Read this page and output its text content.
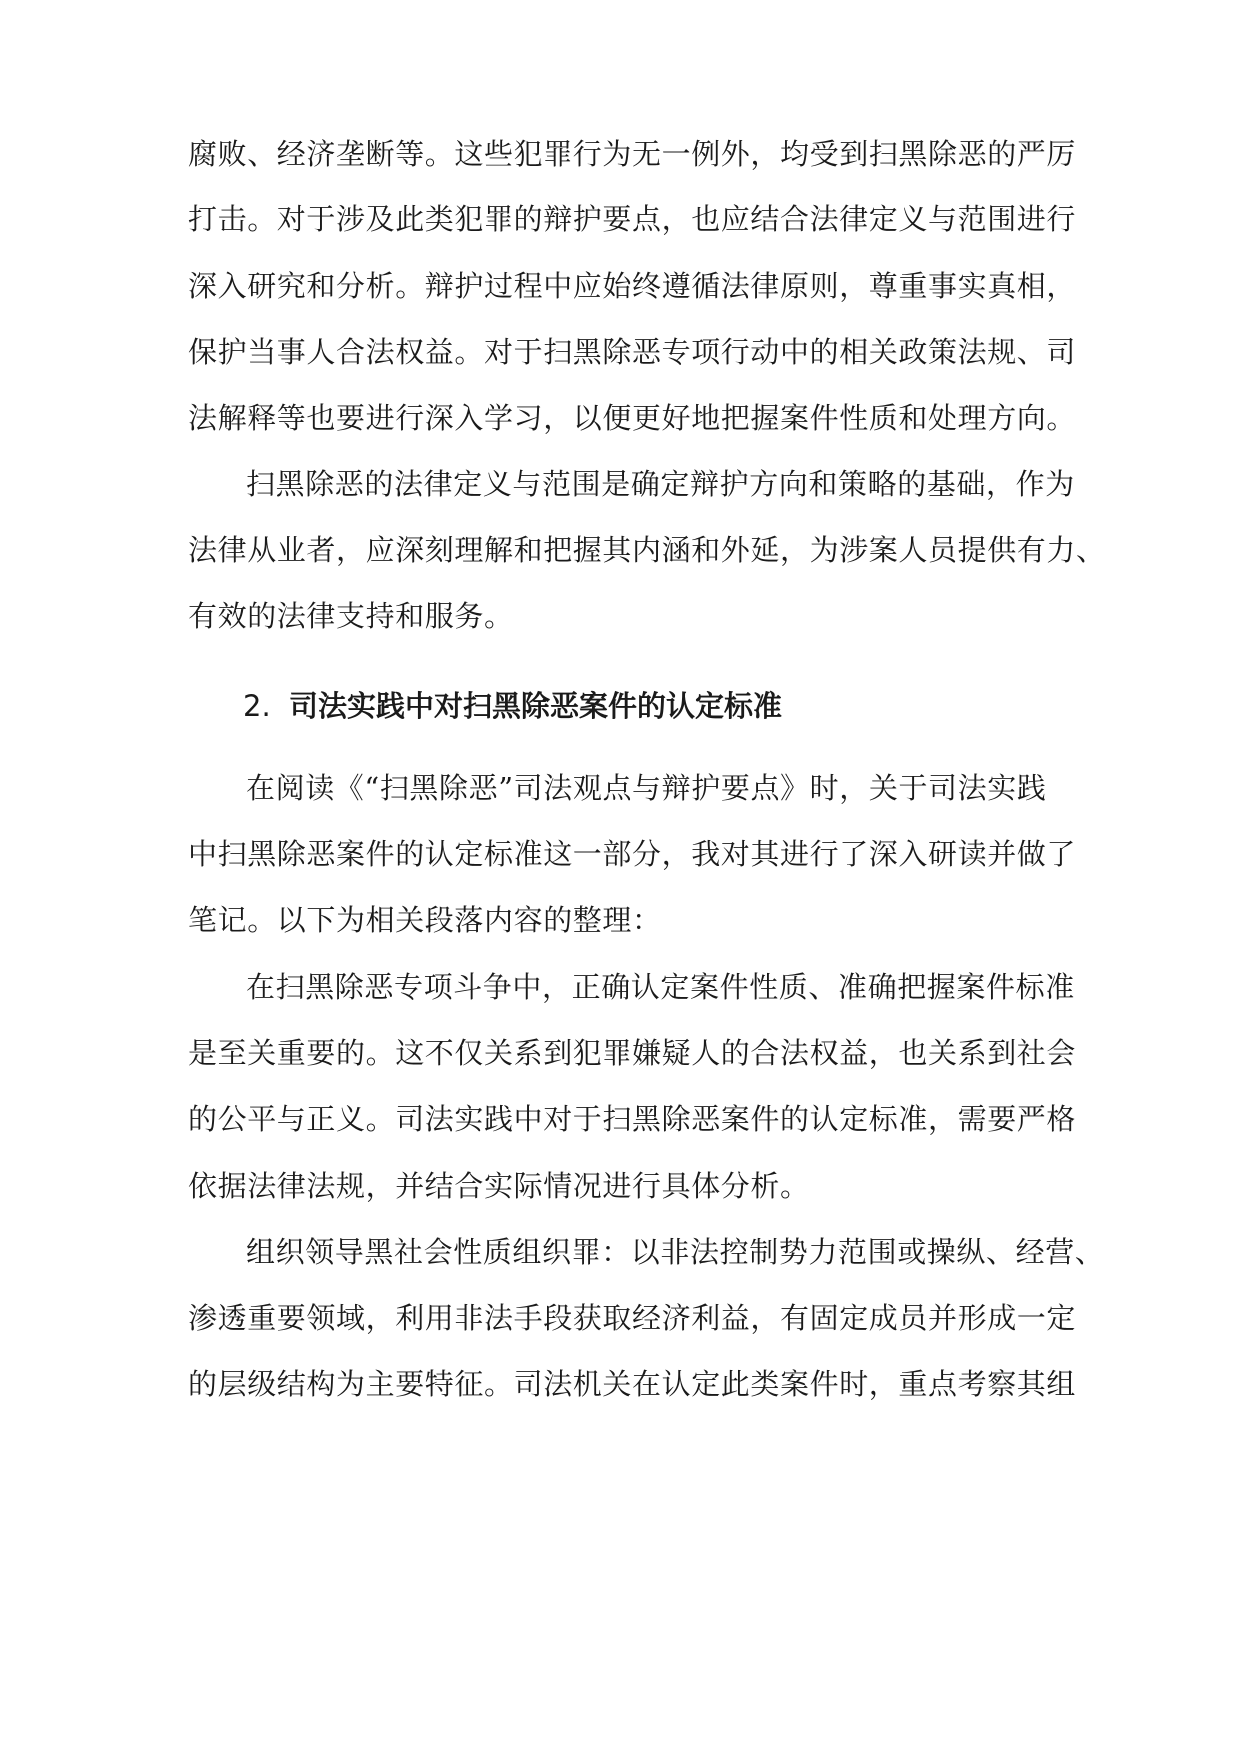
腐败、经济垄断等。这些犯罪行为无一例外，均受到扫黑除恶的严厉
打击。对于涉及此类犯罪的辩护要点，也应结合法律定义与范围进行
深入研究和分析。辩护过程中应始终遵循法律原则，尊重事实真相，
保护当事人合法权益。对于扫黑除恶专项行动中的相关政策法规、司
法解释等也要进行深入学习，以便更好地把握案件性质和处理方向。
扫黑除恶的法律定义与范围是确定辩护方向和策略的基础，作为
法律从业者，应深刻理解和把握其内涵和外延，为涉案人员提供有力、
有效的法律支持和服务。
2. 司法实践中对扫黑除恶案件的认定标准
在阅读《“扫黑除恶”司法观点与辩护要点》时，关于司法实践
中扫黑除恶案件的认定标准这一部分，我对其进行了深入研读并做了
笔记。以下为相关段落内容的整理：
在扫黑除恶专项斗争中，正确认定案件性质、准确把握案件标准
是至关重要的。这不仅关系到犯罪嫌疑人的合法权益，也关系到社会
的公平与正义。司法实践中对于扫黑除恶案件的认定标准，需要严格
依据法律法规，并结合实际情况进行具体分析。
组织领导黑社会性质组织罪：以非法控制势力范围或操纵、经营、
渗透重要领域，利用非法手段获取经济利益，有固定成员并形成一定
的层级结构为主要特征。司法机关在认定此类案件时，重点考察其组
